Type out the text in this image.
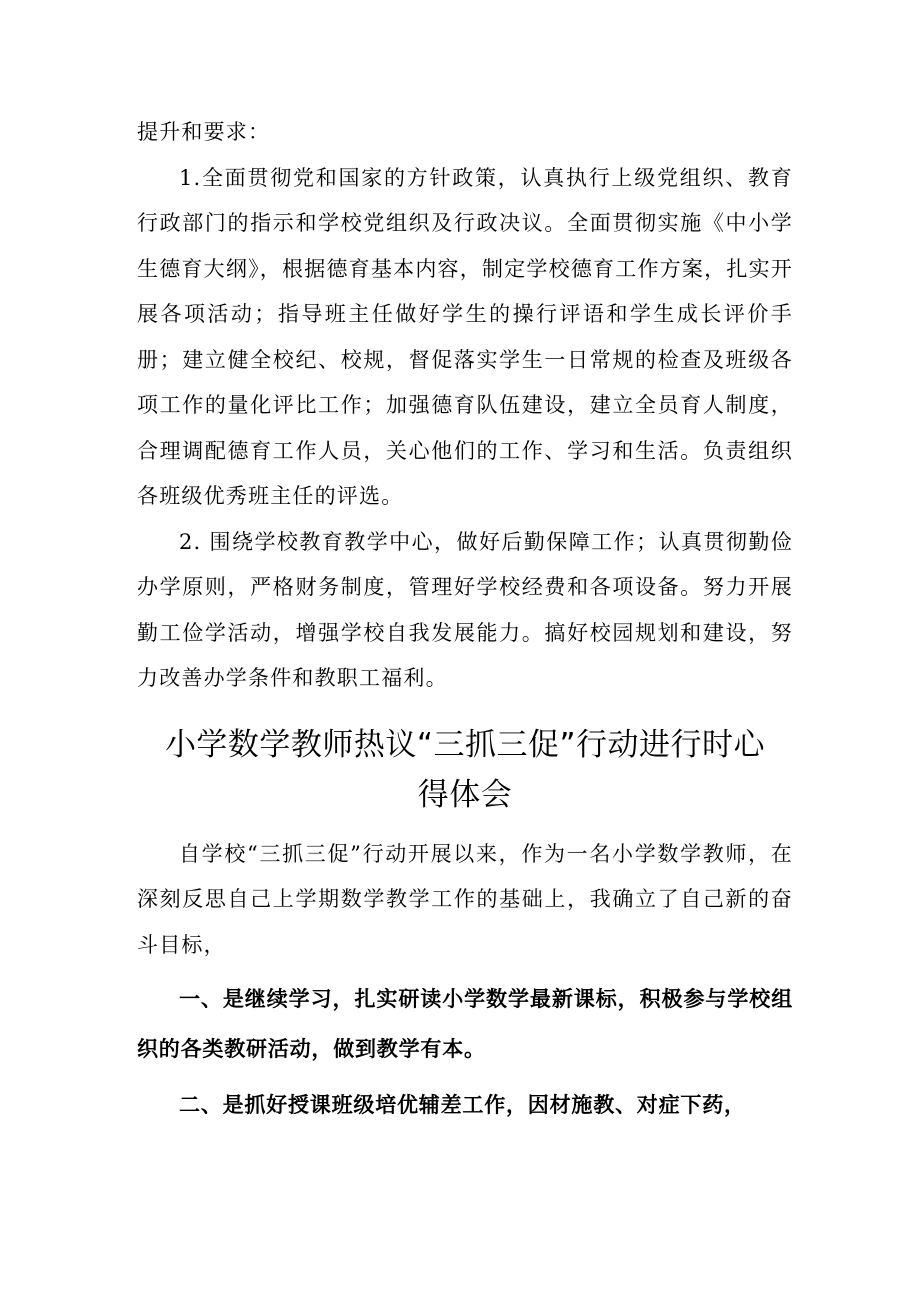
提升和要求：

1.全面贯彻党和国家的方针政策，认真执行上级党组织、教育行政部门的指示和学校党组织及行政决议。全面贯彻实施《中小学生德育大纲》，根据德育基本内容，制定学校德育工作方案，扎实开展各项活动；指导班主任做好学生的操行评语和学生成长评价手册；建立健全校纪、校规，督促落实学生一日常规的检查及班级各项工作的量化评比工作；加强德育队伍建设，建立全员育人制度，合理调配德育工作人员，关心他们的工作、学习和生活。负责组织各班级优秀班主任的评选。

2. 围绕学校教育教学中心，做好后勤保障工作；认真贯彻勤俭办学原则，严格财务制度，管理好学校经费和各项设备。努力开展勤工俭学活动，增强学校自我发展能力。搞好校园规划和建设，努力改善办学条件和教职工福利。

小学数学教师热议“三抓三促”行动进行时心
得体会

自学校“三抓三促”行动开展以来，作为一名小学数学教师，在深刻反思自己上学期数学教学工作的基础上，我确立了自己新的奋斗目标，

一、是继续学习，扎实研读小学数学最新课标，积极参与学校组织的各类教研活动，做到教学有本。

二、是抓好授课班级培优辅差工作，因材施教、对症下药，
